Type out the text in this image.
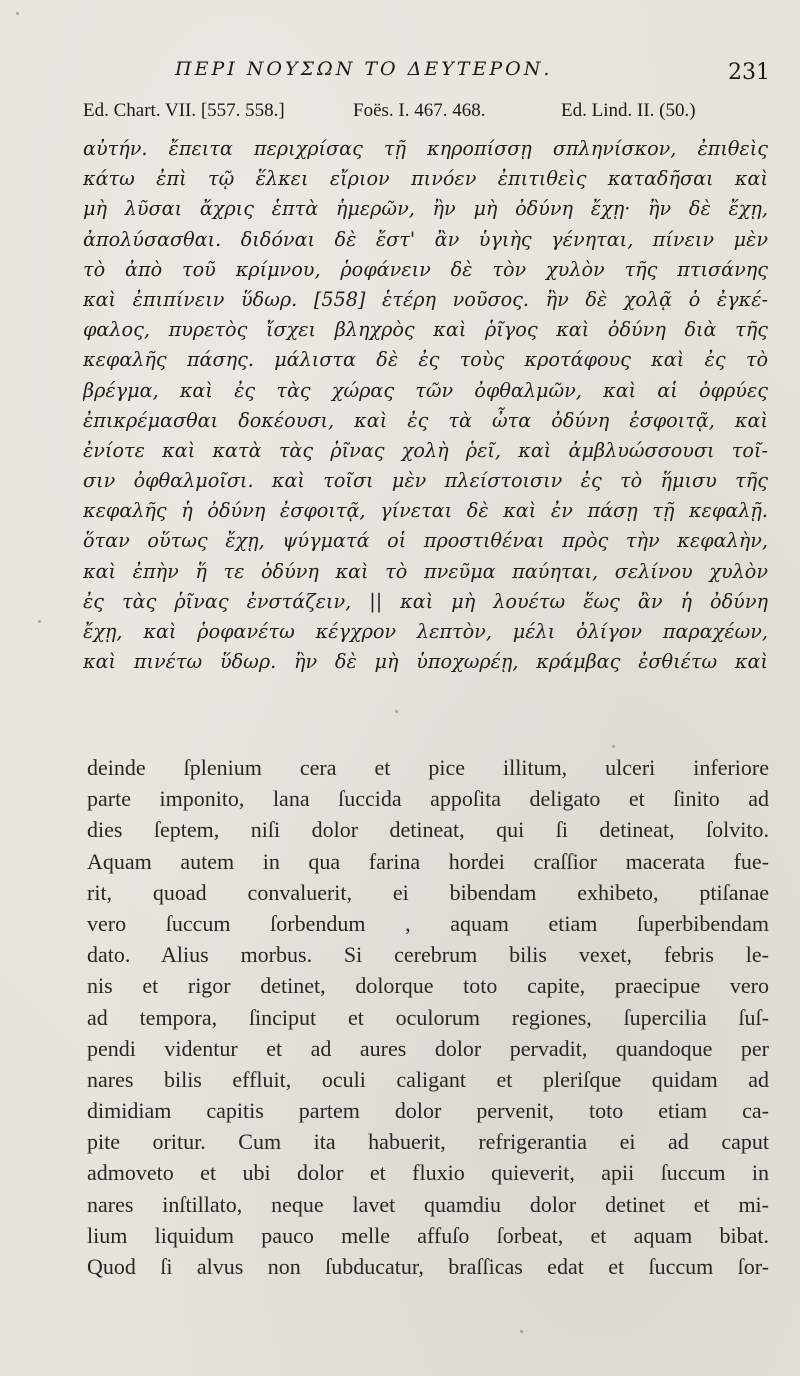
ΠΕΡΙ ΝΟΥΣΩΝ ΤΟ ΔΕΥΤΕΡΟΝ.	231
Ed. Chart. VII. [557. 558.]	Foës. I. 467. 468.	Ed. Lind. II. (50.)
αὐτήν. ἔπειτα περιχρίσας τῇ κηροπίσσῃ σπληνίσκον, ἐπιθεὶς
κάτω ἐπὶ τῷ ἕλκει εἴριον πινόεν ἐπιτιθεὶς καταδῆσαι καὶ
μὴ λῦσαι ἄχρις ἑπτὰ ἡμερῶν, ἢν μὴ ὀδύνη ἔχῃ· ἢν δὲ ἔχῃ,
ἀπολύσασθαι. διδόναι δὲ ἔστ' ἂν ὑγιὴς γένηται, πίνειν μὲν
τὸ ἀπὸ τοῦ κρίμνου, ῥοφάνειν δὲ τὸν χυλὸν τῆς πτισάνης
καὶ ἐπιπίνειν ὕδωρ. [558] ἑτέρη νοῦσος. ἢν δὲ χολᾷ ὁ ἐγκέ-
φαλος, πυρετὸς ἴσχει βληχρὸς καὶ ῥῖγος καὶ ὀδύνη διὰ τῆς
κεφαλῆς πάσης. μάλιστα δὲ ἐς τοὺς κροτάφους καὶ ἐς τὸ
βρέγμα, καὶ ἐς τὰς χώρας τῶν ὀφθαλμῶν, καὶ αἱ ὀφρύες
ἐπικρέμασθαι δοκέουσι, καὶ ἐς τὰ ὦτα ὀδύνη ἐσφοιτᾷ, καὶ
ἐνίοτε καὶ κατὰ τὰς ῥῖνας χολὴ ῥεῖ, καὶ ἀμβλυώσσουσι τοῖ-
σιν ὀφθαλμοῖσι. καὶ τοῖσι μὲν πλείστοισιν ἐς τὸ ἥμισυ τῆς
κεφαλῆς ἡ ὀδύνη ἐσφοιτᾷ, γίνεται δὲ καὶ ἐν πάσῃ τῇ κεφαλῇ.
ὅταν οὕτως ἔχῃ, ψύγματά οἱ προστιθέναι πρὸς τὴν κεφαλὴν,
καὶ ἐπὴν ἥ τε ὀδύνη καὶ τὸ πνεῦμα παύηται, σελίνου χυλὸν
ἐς τὰς ῥῖνας ἐνστάζειν, || καὶ μὴ λουέτω ἕως ἂν ἡ ὀδύνη
ἔχῃ, καὶ ῥοφανέτω κέγχρον λεπτὸν, μέλι ὀλίγον παραχέων,
καὶ πινέτω ὕδωρ. ἢν δὲ μὴ ὑποχωρέῃ, κράμβας ἐσθιέτω καὶ
deinde ſplenium cera et pice illitum, ulceri inferiore
parte imponito, lana ſuccida appoſita deligato et ſinito ad
dies ſeptem, niſi dolor detineat, qui ſi detineat, ſolvito.
Aquam autem in qua farina hordei craſſior macerata fue-
rit, quoad convaluerit, ei bibendam exhibeto, ptiſanae
vero ſuccum ſorbendum , aquam etiam ſuperbibendam
dato. Alius morbus. Si cerebrum bilis vexet, febris le-
nis et rigor detinet, dolorque toto capite, praecipue vero
ad tempora, ſinciput et oculorum regiones, ſupercilia ſuſ-
pendi videntur et ad aures dolor pervadit, quandoque per
nares bilis effluit, oculi caligant et pleriſque quidam ad
dimidiam capitis partem dolor pervenit, toto etiam ca-
pite oritur. Cum ita habuerit, refrigerantia ei ad caput
admoveto et ubi dolor et fluxio quieverit, apii ſuccum in
nares inſtillato, neque lavet quamdiu dolor detinet et mi-
lium liquidum pauco melle affuſo ſorbeat, et aquam bibat.
Quod ſi alvus non ſubducatur, braſſicas edat et ſuccum ſor-
